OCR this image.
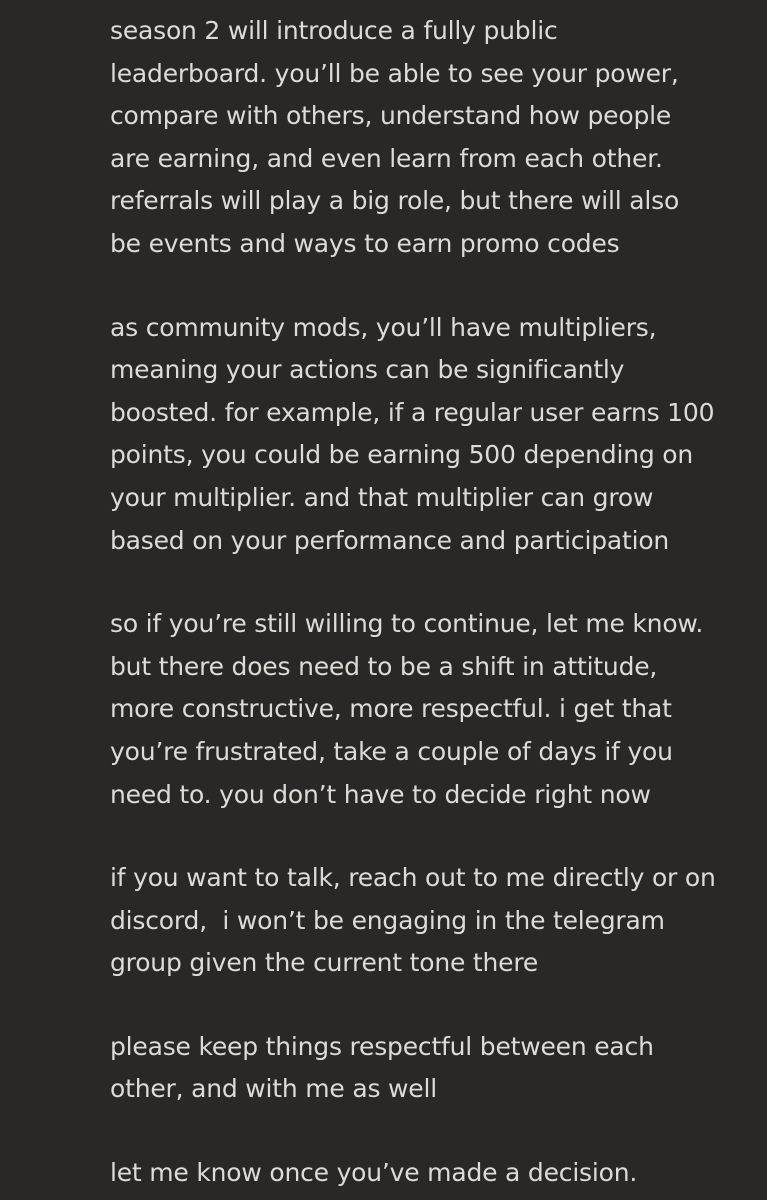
season 2 will introduce a fully public
leaderboard. you’ll be able to see your power,
compare with others, understand how people
are earning, and even learn from each other.
referrals will play a big role, but there will also
be events and ways to earn promo codes

as community mods, you’ll have multipliers,
meaning your actions can be significantly
boosted. for example, if a regular user earns 100
points, you could be earning 500 depending on
your multiplier. and that multiplier can grow
based on your performance and participation

so if you’re still willing to continue, let me know.
but there does need to be a shift in attitude,
more constructive, more respectful. i get that
you’re frustrated, take a couple of days if you
need to. you don’t have to decide right now

if you want to talk, reach out to me directly or on
discord,  i won’t be engaging in the telegram
group given the current tone there

please keep things respectful between each
other, and with me as well

let me know once you’ve made a decision.
